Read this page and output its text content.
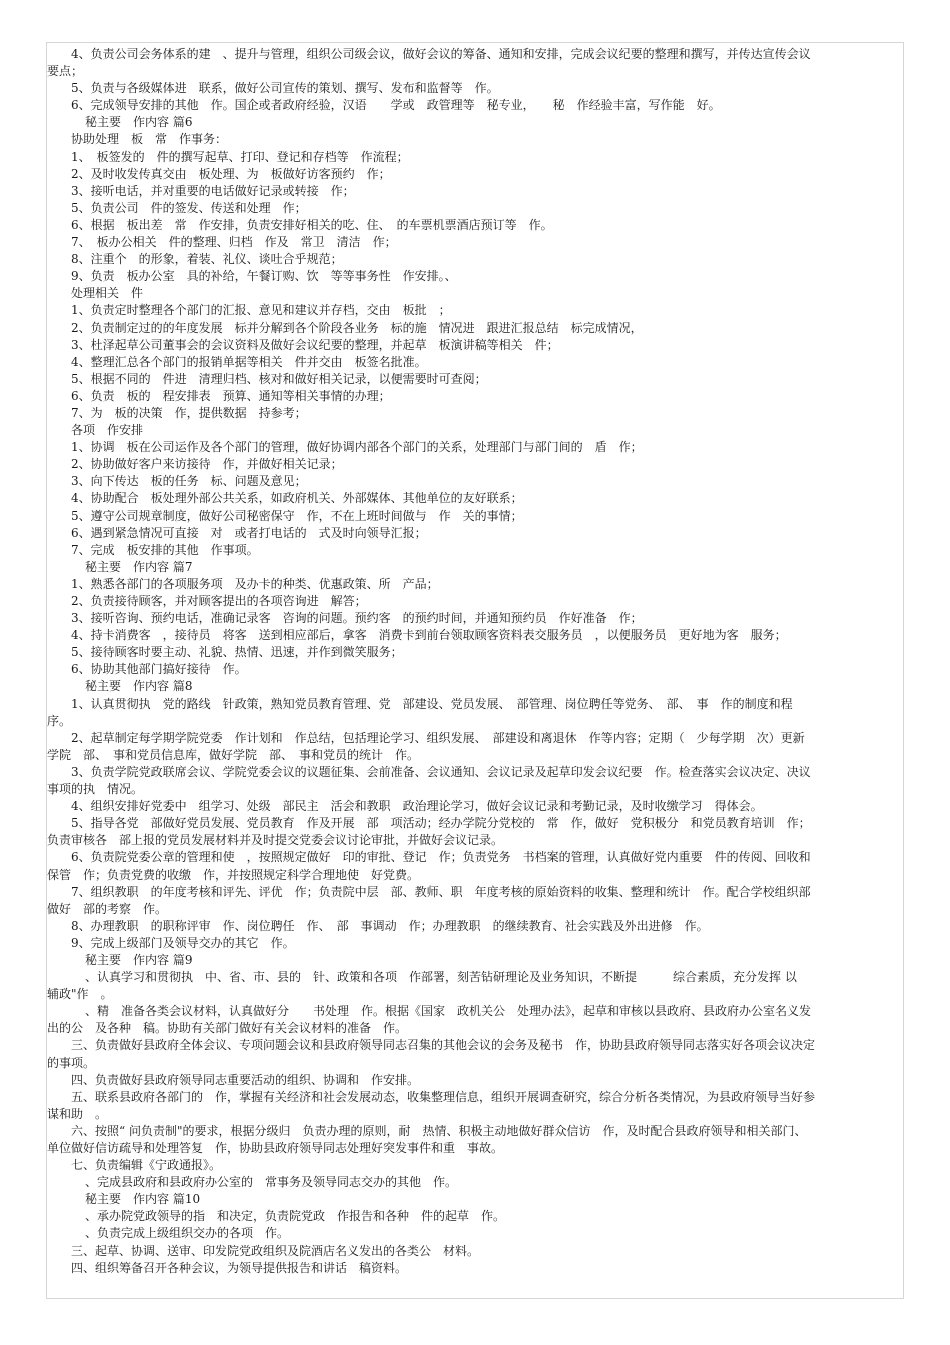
4、负责公司会务体系的建　、提升与管理，组织公司级会议，做好会议的筹备、通知和安排，完成会议纪要的整理和撰写，并传达宣传会议
要点；
5、负责与各级媒体进　联系，做好公司宣传的策划、撰写、发布和监督等　作。
6、完成领导安排的其他　作。国企或者政府经验，汉语　　学或　政管理等　秘专业，　　秘　作经验丰富，写作能　好。
秘主要　作内容 篇6
协助处理　板　常　作事务：
1、　板签发的　件的撰写起草、打印、登记和存档等　作流程；
2、及时收发传真交由　板处理、为　板做好访客预约　作；
3、接听电话，并对重要的电话做好记录或转接　作；
5、负责公司　件的签发、传送和处理　作；
6、根据　板出差　常　作安排，负责安排好相关的吃、住、　的车票机票酒店预订等　作。
7、　板办公相关　件的整理、归档　作及　常卫　清洁　作；
8、注重个　的形象，着装、礼仪、谈吐合乎规范；
9、负责　板办公室　具的补给，午餐订购、饮　等等事务性　作安排。、
处理相关　件
1、负责定时整理各个部门的汇报、意见和建议并存档，交由　板批　；
2、负责制定过的的年度发展　标并分解到各个阶段各业务　标的施　情况进　跟进汇报总结　标完成情况，
3、杜泽起草公司董事会的会议资料及做好会议纪要的整理，并起草　板演讲稿等相关　件；
4、整理汇总各个部门的报销单据等相关　件并交由　板签名批准。
5、根据不同的　件进　清理归档、核对和做好相关记录，以便需要时可查阅；
6、负责　板的　程安排表　预算、通知等相关事情的办理；
7、为　板的决策　作，提供数据　持参考；
各项　作安排
1、协调　板在公司运作及各个部门的管理，做好协调内部各个部门的关系，处理部门与部门间的　盾　作；
2、协助做好客户来访接待　作，并做好相关记录；
3、向下传达　板的任务　标、问题及意见；
4、协助配合　板处理外部公共关系，如政府机关、外部媒体、其他单位的友好联系；
5、遵守公司规章制度，做好公司秘密保守　作，不在上班时间做与　作　关的事情；
6、遇到紧急情况可直接　对　或者打电话的　式及时向领导汇报；
7、完成　板安排的其他　作事项。
秘主要　作内容 篇7
1、熟悉各部门的各项服务项　及办卡的种类、优惠政策、所　产品；
2、负责接待顾客，并对顾客提出的各项咨询进　解答；
3、接听咨询、预约电话，准确记录客　咨询的问题。预约客　的预约时间，并通知预约员　作好准备　作；
4、持卡消费客　，接待员　将客　送到相应部后，拿客　消费卡到前台领取顾客资料表交服务员　，以便服务员　更好地为客　服务；
5、接待顾客时要主动、礼貌、热情、迅速，并作到微笑服务；
6、协助其他部门搞好接待　作。
秘主要　作内容 篇8
1、认真贯彻执　党的路线　针政策，熟知党员教育管理、党　部建设、党员发展、　部管理、岗位聘任等党务、　部、　事　作的制度和程
序。
2、起草制定每学期学院党委　作计划和　作总结，包括理论学习、组织发展、　部建设和离退休　作等内容；定期（　少每学期　次）更新
学院　部、　事和党员信息库，做好学院　部、　事和党员的统计　作。
3、负责学院党政联席会议、学院党委会议的议题征集、会前准备、会议通知、会议记录及起草印发会议纪要　作。检查落实会议决定、决议
事项的执　情况。
4、组织安排好党委中　组学习、处级　部民主　活会和教职　政治理论学习，做好会议记录和考勤记录，及时收缴学习　得体会。
5、指导各党　部做好党员发展、党员教育　作及开展　部　项活动；经办学院分党校的　常　作，做好　党积极分　和党员教育培训　作；
负责审核各　部上报的党员发展材料并及时提交党委会议讨论审批，并做好会议记录。
6、负责院党委公章的管理和使　，按照规定做好　印的审批、登记　作；负责党务　书档案的管理，认真做好党内重要　件的传阅、回收和
保管　作；负责党费的收缴　作，并按照规定科学合理地使　好党费。
7、组织教职　的年度考核和评先、评优　作；负责院中层　部、教师、职　年度考核的原始资料的收集、整理和统计　作。配合学校组织部
做好　部的考察　作。
8、办理教职　的职称评审　作、岗位聘任　作、　部　事调动　作；办理教职　的继续教育、社会实践及外出进修　作。
9、完成上级部门及领导交办的其它　作。
秘主要　作内容 篇9
、认真学习和贯彻执　中、省、市、县的　针、政策和各项　作部署，刻苦钻研理论及业务知识，不断提　　　综合素质，充分发挥 以
辅政"作　。
、精　准备各类会议材料，认真做好分　　书处理　作。根据《国家　政机关公　处理办法》，起草和审核以县政府、县政府办公室名义发
出的公　及各种　稿。协助有关部门做好有关会议材料的准备　作。
三、负责做好县政府全体会议、专项问题会议和县政府领导同志召集的其他会议的会务及秘书　作，协助县政府领导同志落实好各项会议决定
的事项。
四、负责做好县政府领导同志重要活动的组织、协调和　作安排。
五、联系县政府各部门的　作，掌握有关经济和社会发展动态，收集整理信息，组织开展调查研究，综合分析各类情况，为县政府领导当好参
谋和助　。
六、按照“ 问负责制"的要求，根据分级归　负责办理的原则，耐　热情、积极主动地做好群众信访　作，及时配合县政府领导和相关部门、
单位做好信访疏导和处理答复　作，协助县政府领导同志处理好突发事件和重　事故。
七、负责编辑《宁政通报》。
、完成县政府和县政府办公室的　常事务及领导同志交办的其他　作。
秘主要　作内容 篇10
、承办院党政领导的指　和决定，负责院党政　作报告和各种　件的起草　作。
、负责完成上级组织交办的各项　作。
三、起草、协调、送审、印发院党政组织及院酒店名义发出的各类公　材料。
四、组织筹备召开各种会议，为领导提供报告和讲话　稿资料。
